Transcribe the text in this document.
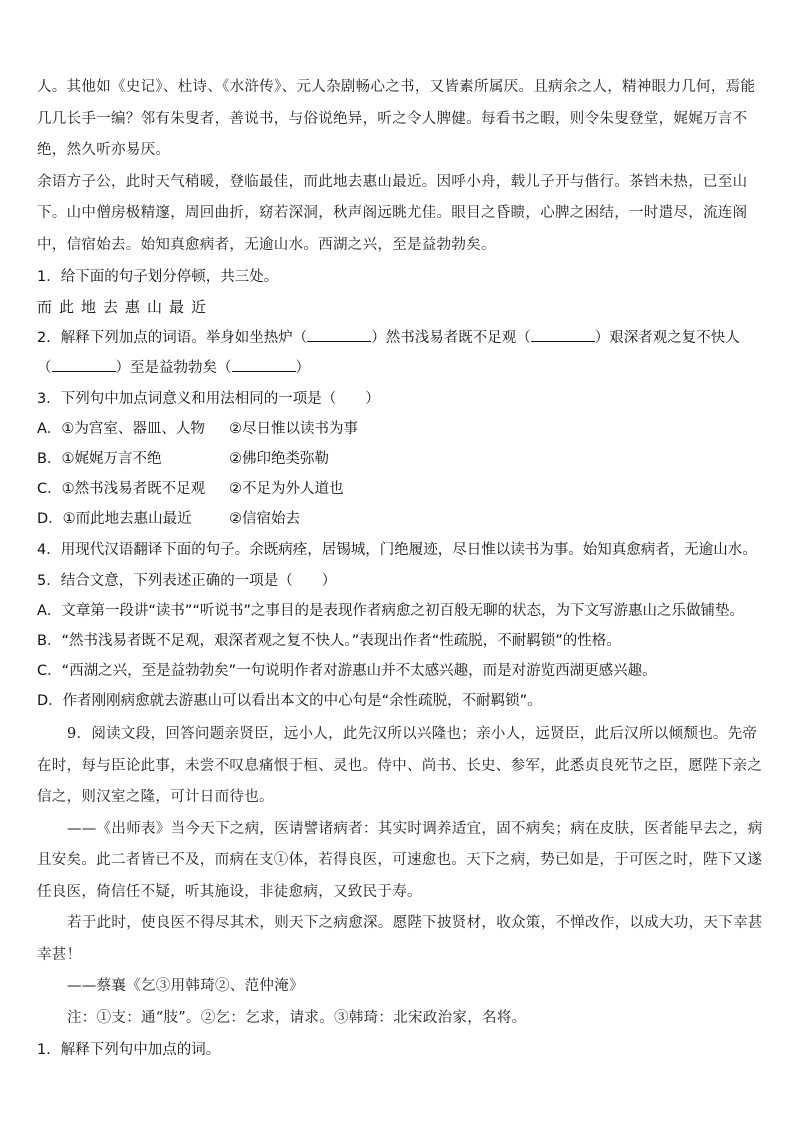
人。其他如《史记》、杜诗、《水浒传》、元人杂剧畅心之书，又皆素所属厌。且病余之人，精神眼力几何，焉能几几长手一编？邻有朱叟者，善说书，与俗说绝异，听之令人脾健。每看书之暇，则令朱叟登堂，娓娓万言不绝，然久听亦易厌。

余语方子公，此时天气稍暖，登临最佳，而此地去惠山最近。因呼小舟，载儿子开与偕行。茶铛未热，已至山下。山中僧房极精邃，周回曲折，窈若深洞，秋声阁远眺尤佳。眼目之昏瞆，心脾之困结，一时遣尽，流连阁中，信宿始去。始知真愈病者，无逾山水。西湖之兴，至是益勃勃矣。

1．给下面的句子划分停顿，共三处。

而此地去惠山最近

2．解释下列加点的词语。举身如坐热炉（	）然书浅易者既不足观（	）艰深者观之复不快人

（	）至是益勃勃矣（	）

3．下列句中加点词意义和用法相同的一项是（　　）

A．①为宫室、器皿、人物	②尽日惟以读书为事
B．①娓娓万言不绝	②佛印绝类弥勒
C．①然书浅易者既不足观	②不足为外人道也
D．①而此地去惠山最近	②信宿始去

4．用现代汉语翻译下面的句子。余既病痊，居锡城，门绝履迹，尽日惟以读书为事。始知真愈病者，无逾山水。

5．结合文意，下列表述正确的一项是（　　）

A．文章第一段讲“读书”“听说书”之事目的是表现作者病愈之初百般无聊的状态，为下文写游惠山之乐做铺垫。

B．“然书浅易者既不足观，艰深者观之复不快人。”表现出作者“性疏脱，不耐羁锁”的性格。

C．“西湖之兴，至是益勃勃矣”一句说明作者对游惠山并不太感兴趣，而是对游览西湖更感兴趣。

D．作者刚刚病愈就去游惠山可以看出本文的中心句是“余性疏脱，不耐羁锁”。

9．阅读文段，回答问题亲贤臣，远小人，此先汉所以兴隆也；亲小人，远贤臣，此后汉所以倾颓也。先帝在时，每与臣论此事，未尝不叹息痛恨于桓、灵也。侍中、尚书、长史、参军，此悉贞良死节之臣，愿陛下亲之信之，则汉室之隆，可计日而待也。

——《出师表》当今天下之病，医请譬诸病者：其实时调养适宜，固不病矣；病在皮肤，医者能早去之，病且安矣。此二者皆已不及，而病在支①体，若得良医，可速愈也。天下之病，势已如是，于可医之时，陛下又遂任良医，倚信任不疑，听其施设，非徒愈病，又致民于寿。

若于此时，使良医不得尽其术，则天下之病愈深。愿陛下披贤材，收众策，不惮改作，以成大功，天下幸甚幸甚！

——蔡襄《乞③用韩琦②、范仲淹》

注：①支：通“肢”。②乞：乞求，请求。③韩琦：北宋政治家，名将。

1．解释下列句中加点的词。
